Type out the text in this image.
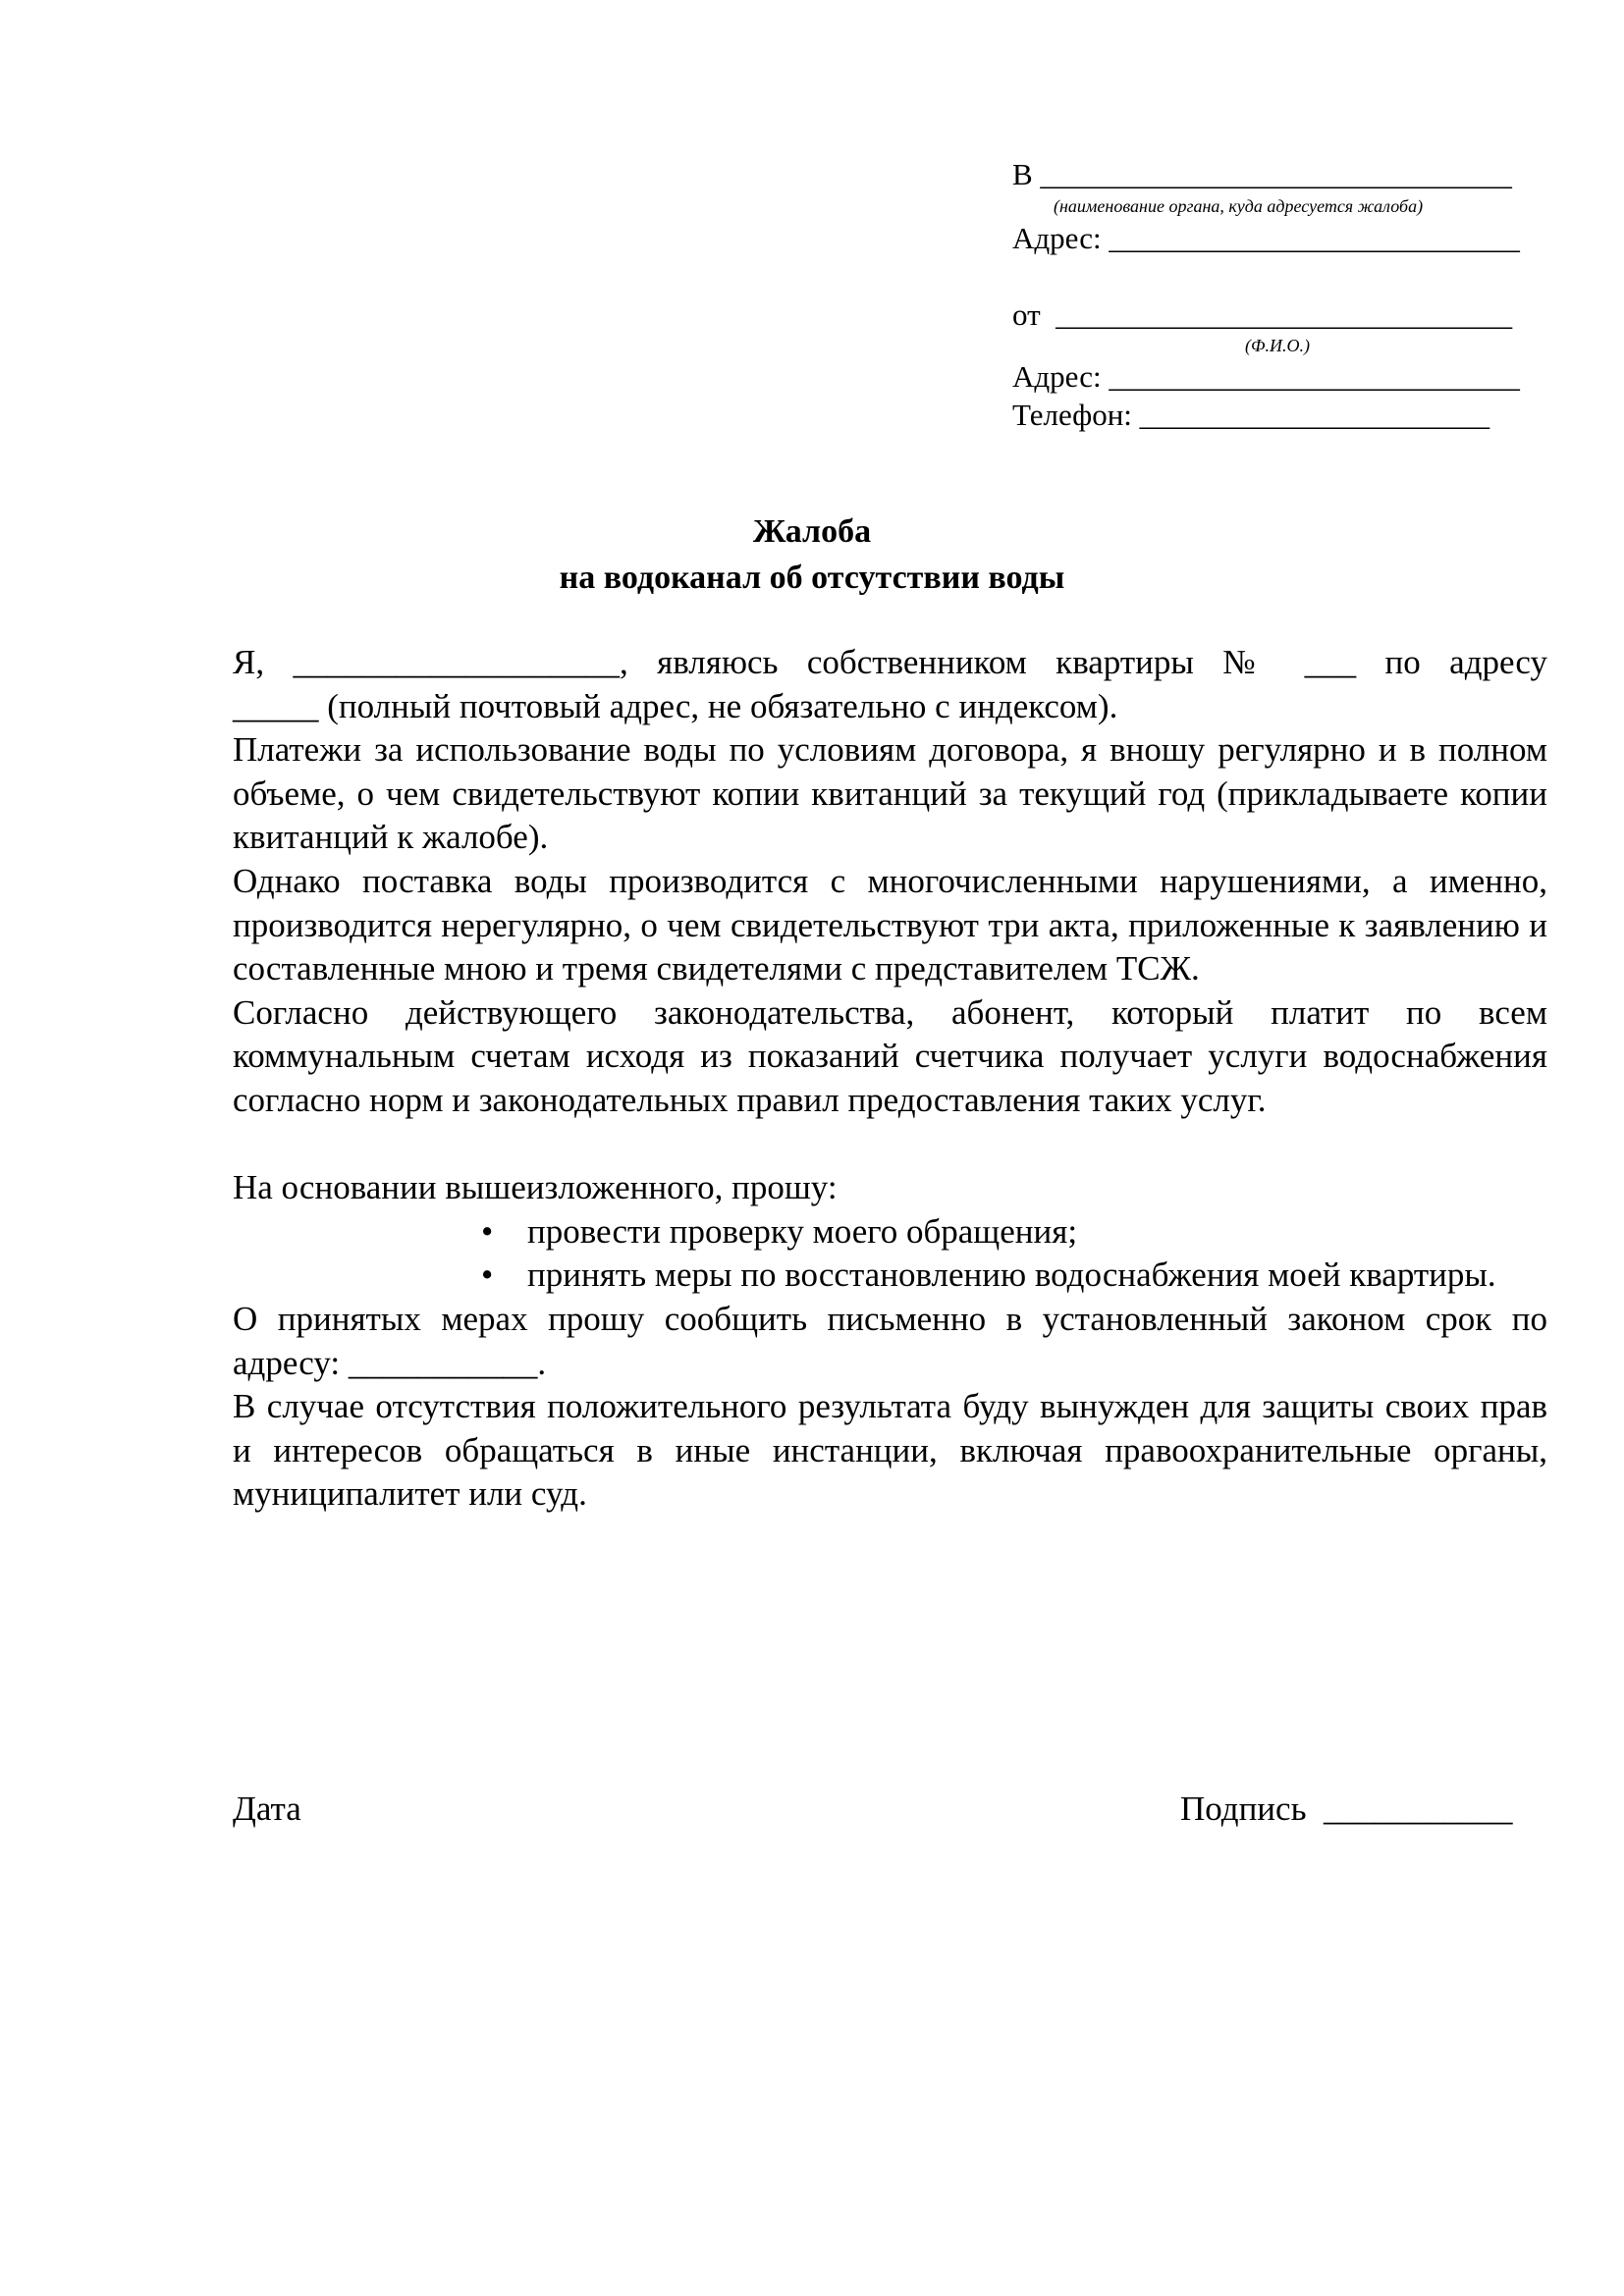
В _______________________________
(наименование органа, куда адресуется жалоба)
Адрес: ___________________________
от  ______________________________
(Ф.И.О.)
Адрес: ___________________________
Телефон: _______________________
Жалоба
на водоканал об отсутствии воды
Я, ___________________, являюсь собственником квартиры № ___ по адресу
_____ (полный почтовый адрес, не обязательно с индексом).

Платежи за использование воды по условиям договора, я вношу регулярно и в полном объеме, о чем свидетельствуют копии квитанций за текущий год (прикладываете копии квитанций к жалобе).

Однако поставка воды производится с многочисленными нарушениями, а именно, производится нерегулярно, о чем свидетельствуют три акта, приложенные к заявлению и составленные мною и тремя свидетелями с представителем ТСЖ.

Согласно действующего законодательства, абонент, который платит по всем коммунальным счетам исходя из показаний счетчика получает услуги водоснабжения согласно норм и законодательных правил предоставления таких услуг.

На основании вышеизложенного, прошу:
• провести проверку моего обращения;
• принять меры по восстановлению водоснабжения моей квартиры.

О принятых мерах прошу сообщить письменно в установленный законом срок по адресу: ___________.

В случае отсутствия положительного результата буду вынужден для защиты своих прав и интересов обращаться в иные инстанции, включая правоохранительные органы, муниципалитет или суд.

Дата	Подпись  ___________
